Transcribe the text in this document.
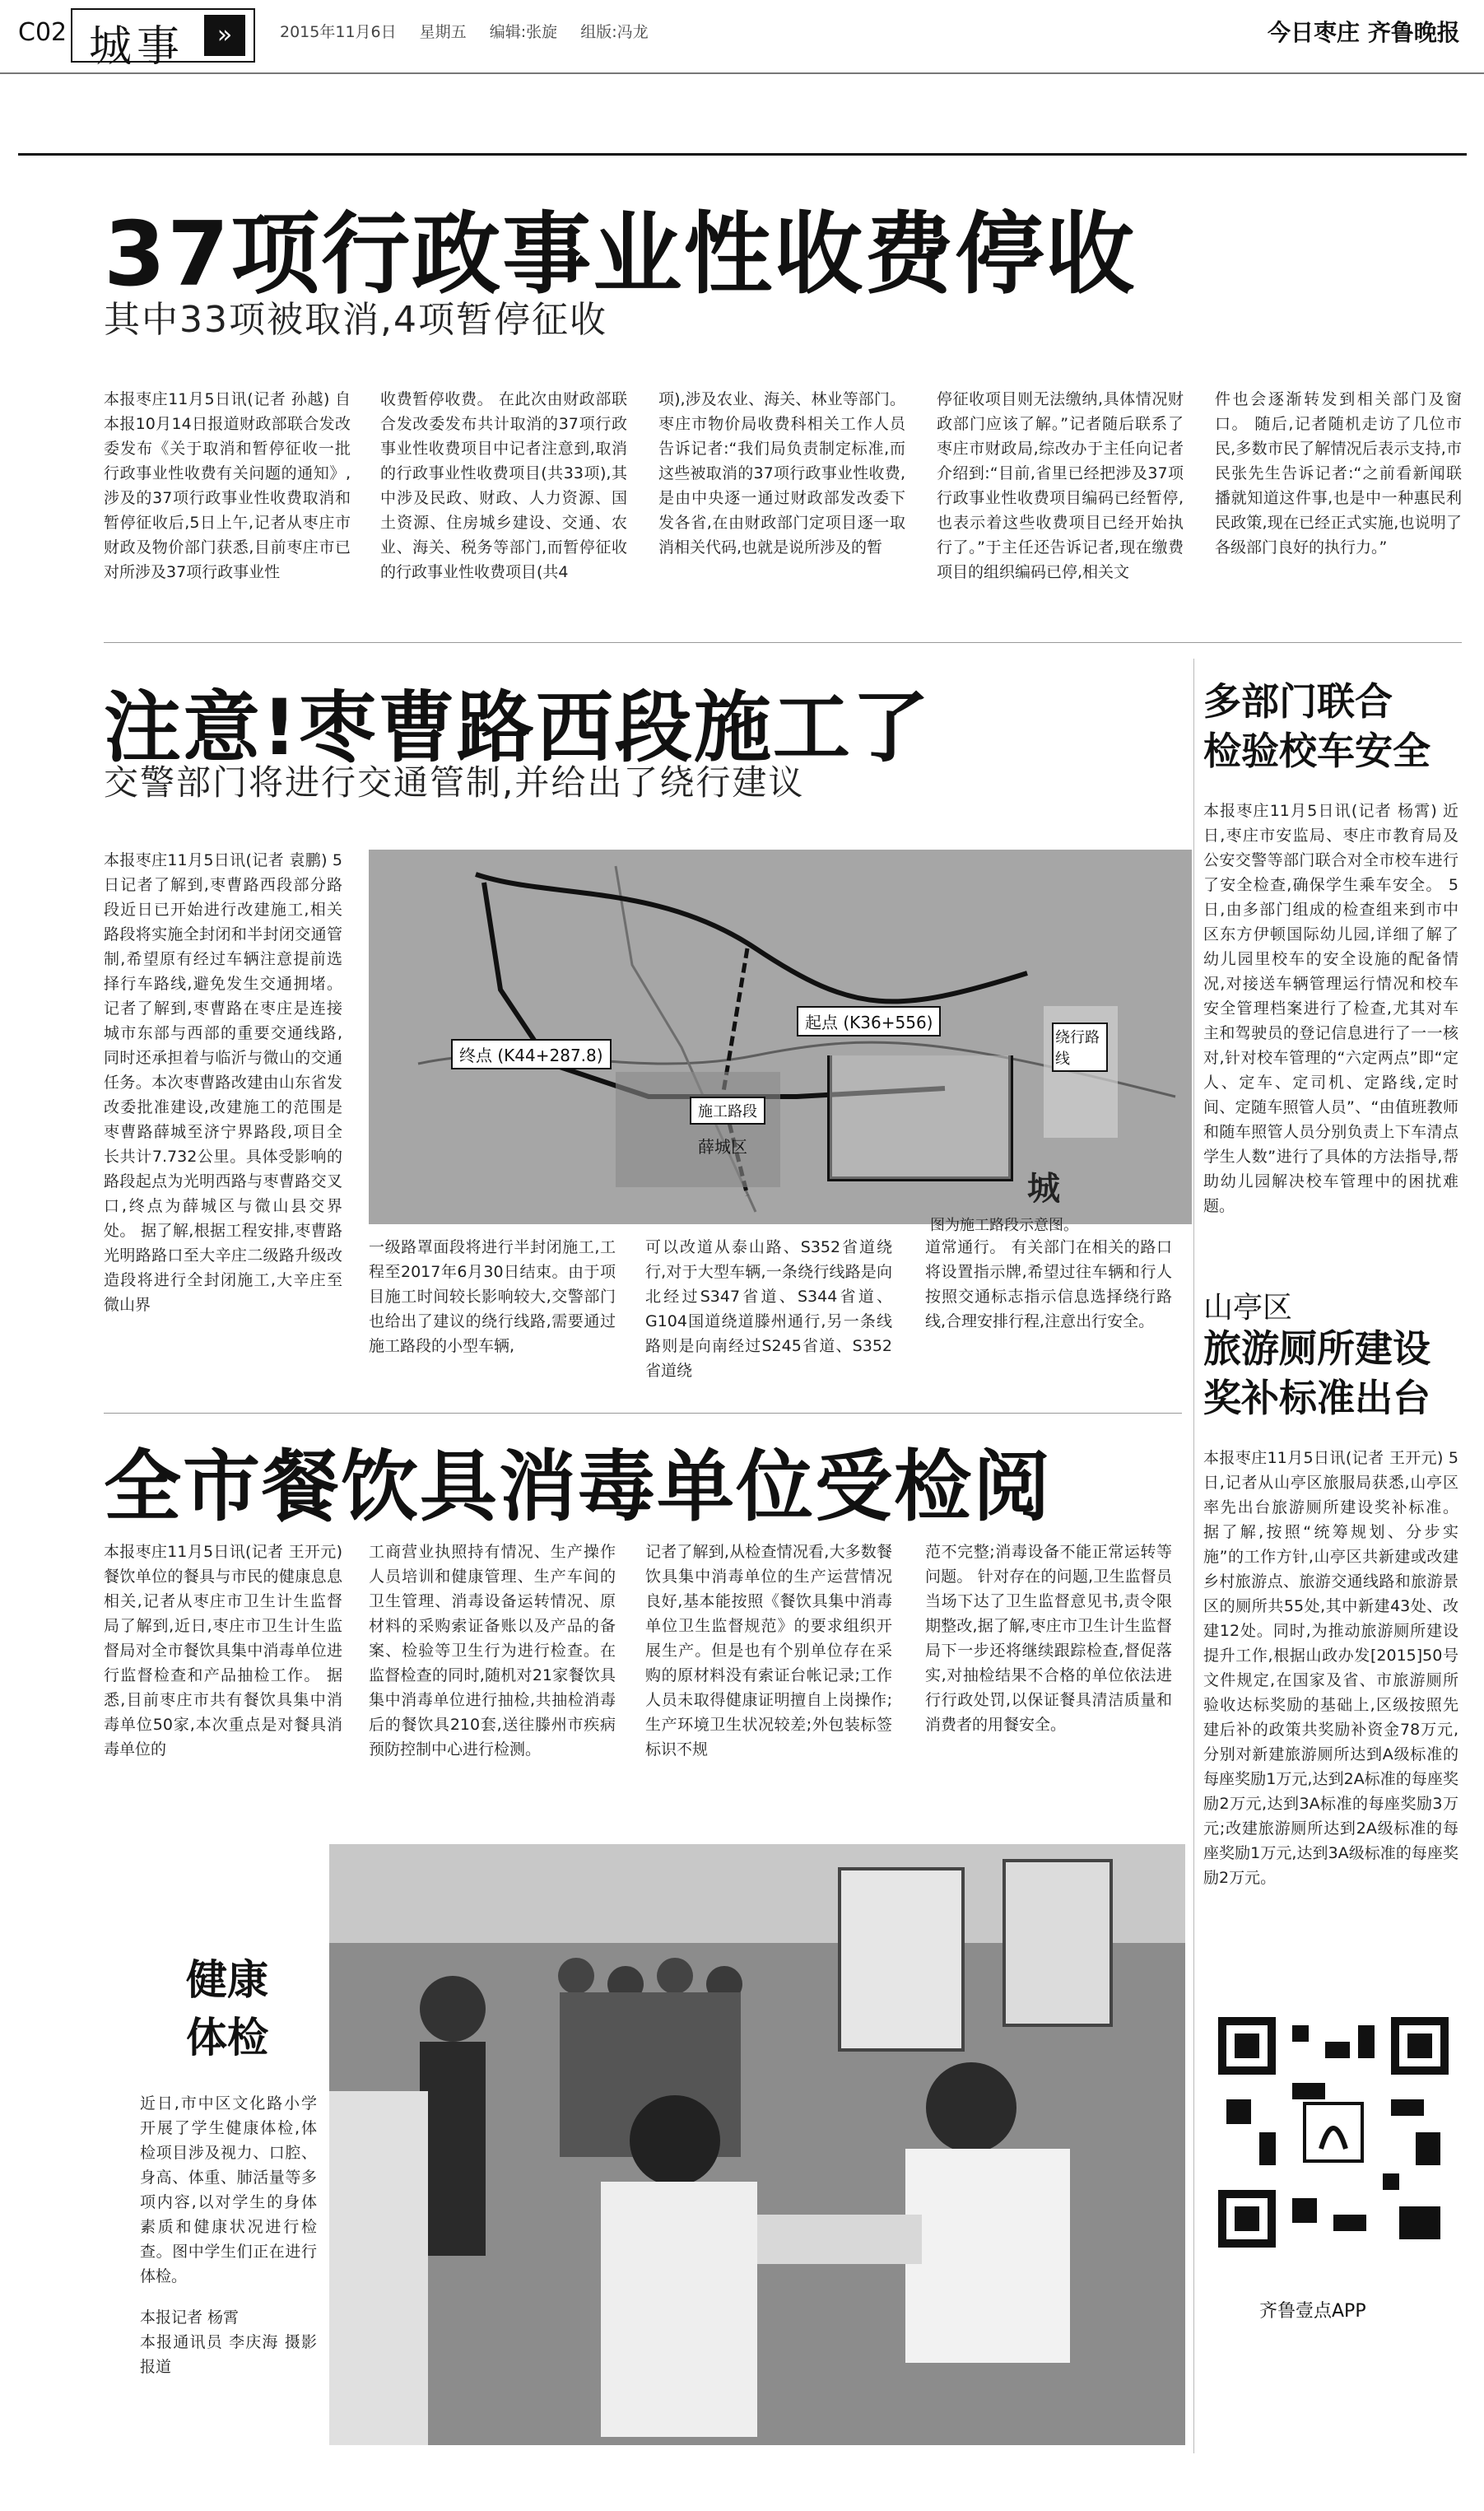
C02 城事	»	2015年11月6日 星期五 编辑:张旋 组版:冯龙	今日枣庄 齐鲁晚报
37项行政事业性收费停收
其中33项被取消,4项暂停征收
本报枣庄11月5日讯(记者 孙越) 自本报10月14日报道财政部联合发改委发布《关于取消和暂停征收一批行政事业性收费有关问题的通知》,涉及的37项行政事业性收费取消和暂停征收后,5日上午,记者从枣庄市财政及物价部门获悉,目前枣庄市已对所涉及37项行政事业性
收费暂停收费。 在此次由财政部联合发改委发布共计取消的37项行政事业性收费项目中记者注意到,取消的行政事业性收费项目(共33项),其中涉及民政、财政、人力资源、国土资源、住房城乡建设、交通、农业、海关、税务等部门,而暂停征收的行政事业性收费项目(共4
项),涉及农业、海关、林业等部门。 枣庄市物价局收费科相关工作人员告诉记者:“我们局负责制定标准,而这些被取消的37项行政事业性收费,是由中央逐一通过财政部发改委下发各省,在由财政部门定项目逐一取消相关代码,也就是说所涉及的暂
停征收项目则无法缴纳,具体情况财政部门应该了解。”记者随后联系了枣庄市财政局,综改办于主任向记者介绍到:“目前,省里已经把涉及37项行政事业性收费项目编码已经暂停,也表示着这些收费项目已经开始执行了。”于主任还告诉记者,现在缴费项目的组织编码已停,相关文
件也会逐渐转发到相关部门及窗口。 随后,记者随机走访了几位市民,多数市民了解情况后表示支持,市民张先生告诉记者:“之前看新闻联播就知道这件事,也是中一种惠民利民政策,现在已经正式实施,也说明了各级部门良好的执行力。”
注意!枣曹路西段施工了
交警部门将进行交通管制,并给出了绕行建议
本报枣庄11月5日讯(记者 袁鹏) 5日记者了解到,枣曹路西段部分路段近日已开始进行改建施工,相关路段将实施全封闭和半封闭交通管制,希望原有经过车辆注意提前选择行车路线,避免发生交通拥堵。 记者了解到,枣曹路在枣庄是连接城市东部与西部的重要交通线路,同时还承担着与临沂与微山的交通任务。本次枣曹路改建由山东省发改委批准建设,改建施工的范围是枣曹路薛城至济宁界路段,项目全长共计7.732公里。具体受影响的路段起点为光明西路与枣曹路交叉口,终点为薛城区与微山县交界处。 据了解,根据工程安排,枣曹路光明路路口至大辛庄二级路升级改造段将进行全封闭施工,大辛庄至微山界
终点 (K44+287.8)
起点 (K36+556)
施工路段
薛城区
绕行路线
城
图为施工路段示意图。
一级路罩面段将进行半封闭施工,工程至2017年6月30日结束。由于项目施工时间较长影响较大,交警部门也给出了建议的绕行线路,需要通过施工路段的小型车辆,
可以改道从泰山路、S352省道绕行,对于大型车辆,一条绕行线路是向北经过S347省道、S344省道、G104国道绕道滕州通行,另一条线路则是向南经过S245省道、S352省道绕
道常通行。 有关部门在相关的路口将设置指示牌,希望过往车辆和行人按照交通标志指示信息选择绕行路线,合理安排行程,注意出行安全。
全市餐饮具消毒单位受检阅
本报枣庄11月5日讯(记者 王开元) 餐饮单位的餐具与市民的健康息息相关,记者从枣庄市卫生计生监督局了解到,近日,枣庄市卫生计生监督局对全市餐饮具集中消毒单位进行监督检查和产品抽检工作。 据悉,目前枣庄市共有餐饮具集中消毒单位50家,本次重点是对餐具消毒单位的
工商营业执照持有情况、生产操作人员培训和健康管理、生产车间的卫生管理、消毒设备运转情况、原材料的采购索证备账以及产品的备案、检验等卫生行为进行检查。在监督检查的同时,随机对21家餐饮具集中消毒单位进行抽检,共抽检消毒后的餐饮具210套,送往滕州市疾病预防控制中心进行检测。
记者了解到,从检查情况看,大多数餐饮具集中消毒单位的生产运营情况良好,基本能按照《餐饮具集中消毒单位卫生监督规范》的要求组织开展生产。但是也有个别单位存在采购的原材料没有索证台帐记录;工作人员未取得健康证明擅自上岗操作;生产环境卫生状况较差;外包装标签标识不规
范不完整;消毒设备不能正常运转等问题。 针对存在的问题,卫生监督员当场下达了卫生监督意见书,责令限期整改,据了解,枣庄市卫生计生监督局下一步还将继续跟踪检查,督促落实,对抽检结果不合格的单位依法进行行政处罚,以保证餐具清洁质量和消费者的用餐安全。
健康
体检
近日,市中区文化路小学开展了学生健康体检,体检项目涉及视力、口腔、身高、体重、肺活量等多项内容,以对学生的身体素质和健康状况进行检查。图中学生们正在进行体检。
本报记者 杨霄
本报通讯员 李庆海 摄影报道
多部门联合
检验校车安全
本报枣庄11月5日讯(记者 杨霄) 近日,枣庄市安监局、枣庄市教育局及公安交警等部门联合对全市校车进行了安全检查,确保学生乘车安全。 5日,由多部门组成的检查组来到市中区东方伊顿国际幼儿园,详细了解了幼儿园里校车的安全设施的配备情况,对接送车辆管理运行情况和校车安全管理档案进行了检查,尤其对车主和驾驶员的登记信息进行了一一核对,针对校车管理的“六定两点”即“定人、定车、定司机、定路线,定时间、定随车照管人员”、“由值班教师和随车照管人员分别负责上下车清点学生人数”进行了具体的方法指导,帮助幼儿园解决校车管理中的困扰难题。
山亭区
旅游厕所建设
奖补标准出台
本报枣庄11月5日讯(记者 王开元) 5日,记者从山亭区旅服局获悉,山亭区率先出台旅游厕所建设奖补标准。 据了解,按照“统筹规划、分步实施”的工作方针,山亭区共新建或改建乡村旅游点、旅游交通线路和旅游景区的厕所共55处,其中新建43处、改建12处。同时,为推动旅游厕所建设提升工作,根据山政办发[2015]50号文件规定,在国家及省、市旅游厕所验收达标奖励的基础上,区级按照先建后补的政策共奖励补资金78万元,分别对新建旅游厕所达到A级标准的每座奖励1万元,达到2A标准的每座奖励2万元,达到3A标准的每座奖励3万元;改建旅游厕所达到2A级标准的每座奖励1万元,达到3A级标准的每座奖励2万元。
齐鲁壹点APP
